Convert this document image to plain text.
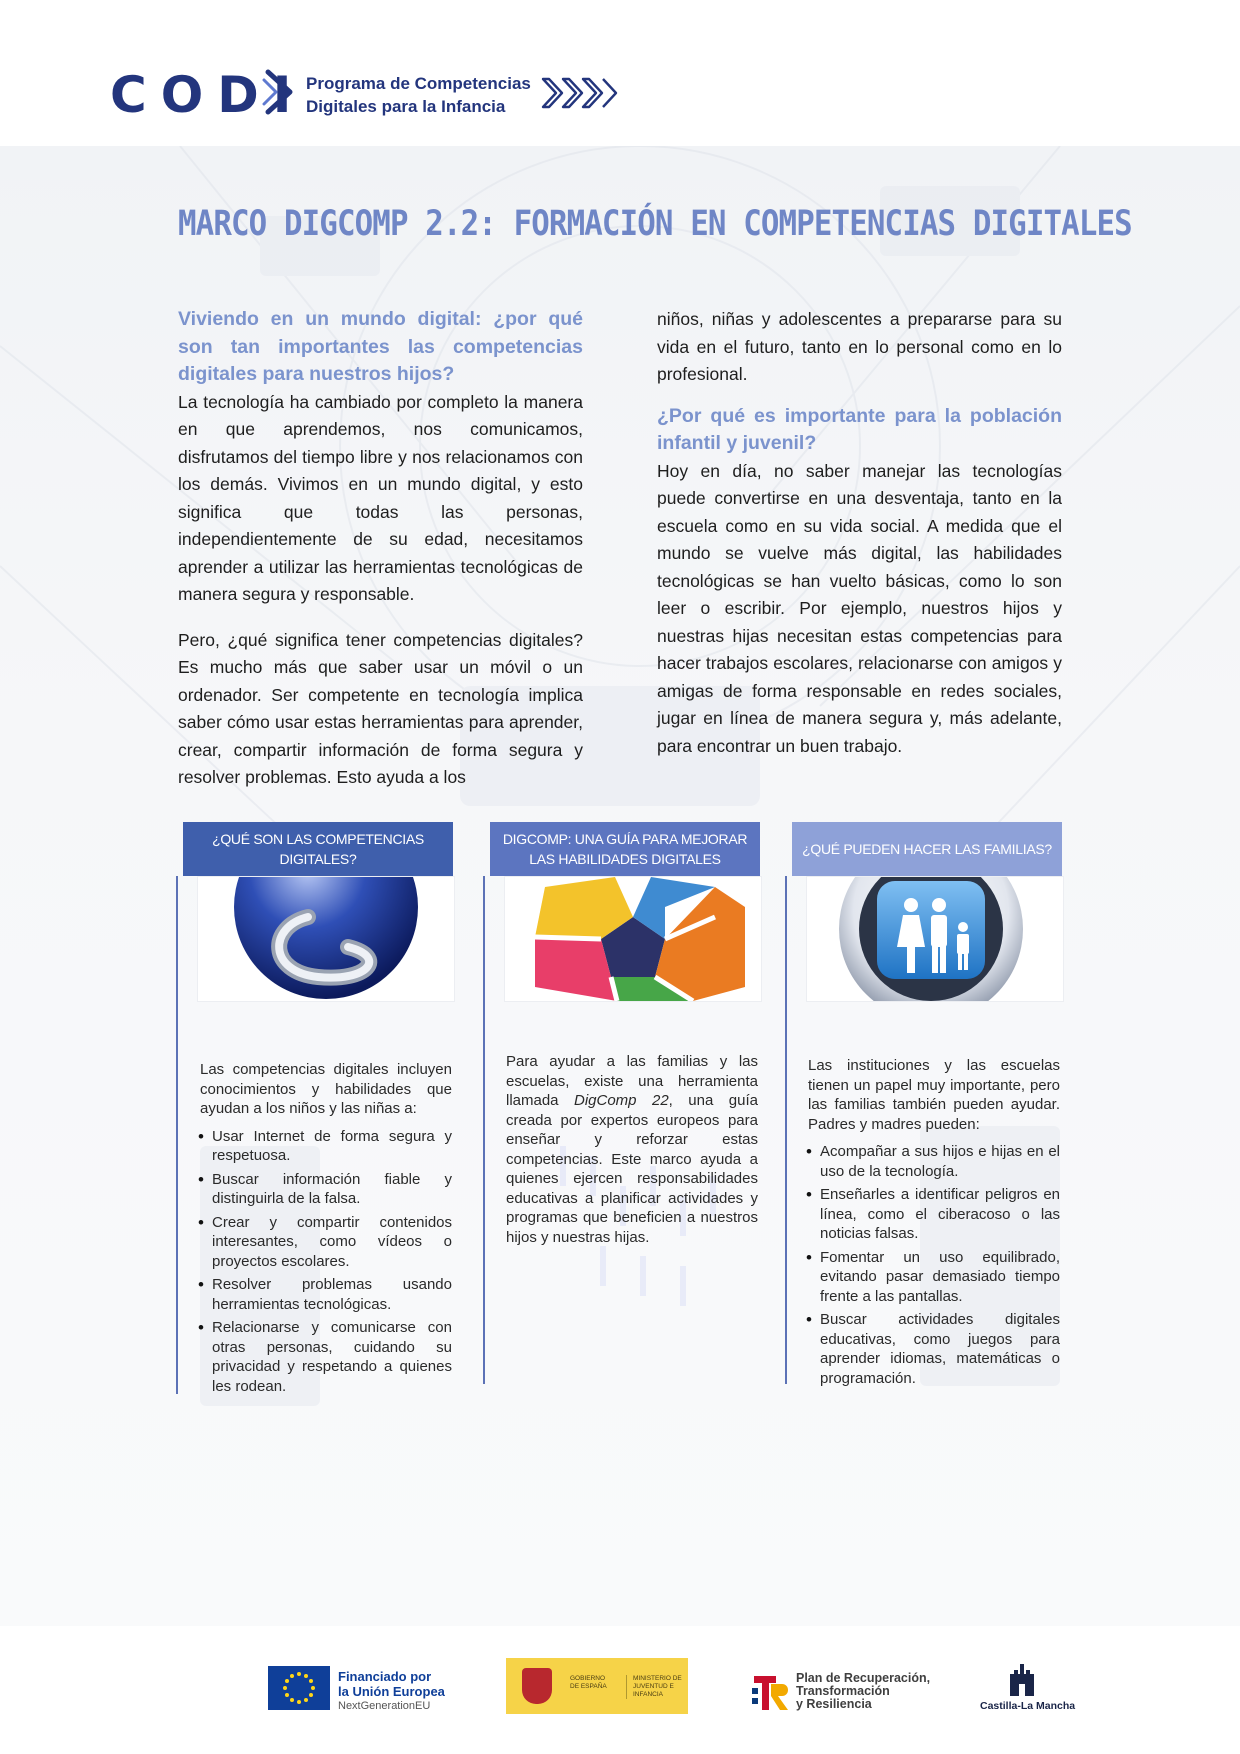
CODI Programa de Competencias
Digitales para la Infancia
MARCO DIGCOMP 2.2: FORMACIÓN EN COMPETENCIAS DIGITALES
Viviendo en un mundo digital: ¿por qué son tan importantes las competencias digitales para nuestros hijos?

La tecnología ha cambiado por completo la manera en que aprendemos, nos comunicamos, disfrutamos del tiempo libre y nos relacionamos con los demás. Vivimos en un mundo digital, y esto significa que todas las personas, independientemente de su edad, necesitamos aprender a utilizar las herramientas tecnológicas de manera segura y responsable.

Pero, ¿qué significa tener competencias digitales? Es mucho más que saber usar un móvil o un ordenador. Ser competente en tecnología implica saber cómo usar estas herramientas para aprender, crear, compartir información de forma segura y resolver problemas. Esto ayuda a los

niños, niñas y adolescentes a prepararse para su vida en el futuro, tanto en lo personal como en lo profesional.

¿Por qué es importante para la población infantil y juvenil?

Hoy en día, no saber manejar las tecnologías puede convertirse en una desventaja, tanto en la escuela como en su vida social. A medida que el mundo se vuelve más digital, las habilidades tecnológicas se han vuelto básicas, como lo son leer o escribir. Por ejemplo, nuestros hijos y nuestras hijas necesitan estas competencias para hacer trabajos escolares, relacionarse con amigos y amigas de forma responsable en redes sociales, jugar en línea de manera segura y, más adelante, para encontrar un buen trabajo.

¿QUÉ SON LAS COMPETENCIAS DIGITALES?

Las competencias digitales incluyen conocimientos y habilidades que ayudan a los niños y las niñas a:

• Usar Internet de forma segura y respetuosa.
• Buscar información fiable y distinguirla de la falsa.
• Crear y compartir contenidos interesantes, como vídeos o proyectos escolares.
• Resolver problemas usando herramientas tecnológicas.
• Relacionarse y comunicarse con otras personas, cuidando su privacidad y respetando a quienes les rodean.
DIGCOMP: UNA GUÍA PARA MEJORAR LAS HABILIDADES DIGITALES

Para ayudar a las familias y las escuelas, existe una herramienta llamada DigComp 22, una guía creada por expertos europeos para enseñar y reforzar estas competencias. Este marco ayuda a quienes ejercen responsabilidades educativas a planificar actividades y programas que beneficien a nuestros hijos y nuestras hijas.

¿QUÉ PUEDEN HACER LAS FAMILIAS?

Las instituciones y las escuelas tienen un papel muy importante, pero las familias también pueden ayudar. Padres y madres pueden:

• Acompañar a sus hijos e hijas en el uso de la tecnología.
• Enseñarles a identificar peligros en línea, como el ciberacoso o las noticias falsas.
• Fomentar un uso equilibrado, evitando pasar demasiado tiempo frente a las pantallas.
• Buscar actividades digitales educativas, como juegos para aprender idiomas, matemáticas o programación.
Financiado por
la Unión Europea
NextGenerationEU
GOBIERNO DE ESPAÑA
MINISTERIO DE JUVENTUD E INFANCIA
Plan de Recuperación,
Transformación
y Resiliencia	Castilla-La Mancha
